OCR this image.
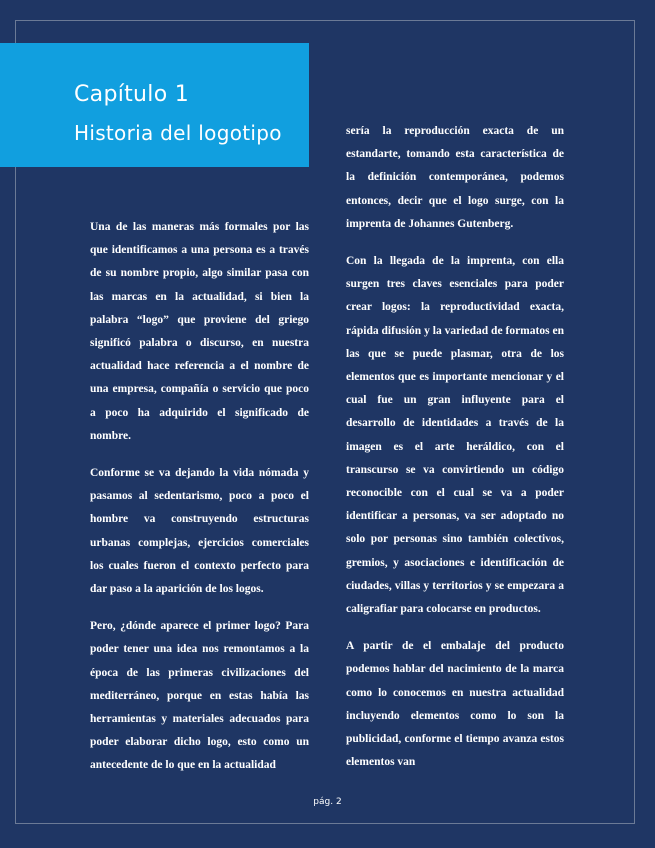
Capítulo 1
Historia del logotipo

Una de las maneras más formales por las que identificamos a una persona es a través de su nombre propio, algo similar pasa con las marcas en la actualidad, si bien la palabra “logo” que proviene del griego significó palabra o discurso, en nuestra actualidad hace referencia a el nombre de una empresa, compañía o servicio que poco a poco ha adquirido el significado de nombre.

Conforme se va dejando la vida nómada y pasamos al sedentarismo, poco a poco el hombre va construyendo estructuras urbanas complejas, ejercicios comerciales los cuales fueron el contexto perfecto para dar paso a la aparición de los logos.

Pero, ¿dónde aparece el primer logo? Para poder tener una idea nos remontamos a la época de las primeras civilizaciones del mediterráneo, porque en estas había las herramientas y materiales adecuados para poder elaborar dicho logo, esto como un antecedente de lo que en la actualidad

sería la reproducción exacta de un estandarte, tomando esta característica de la definición contemporánea, podemos entonces, decir que el logo surge, con la imprenta de Johannes Gutenberg.

Con la llegada de la imprenta, con ella surgen tres claves esenciales para poder crear logos: la reproductividad exacta, rápida difusión y la variedad de formatos en las que se puede plasmar, otra de los elementos que es importante mencionar y el cual fue un gran influyente para el desarrollo de identidades a través de la imagen es el arte heráldico, con el transcurso se va convirtiendo un código reconocible con el cual se va a poder identificar a personas, va ser adoptado no solo por personas sino también colectivos, gremios, y asociaciones e identificación de ciudades, villas y territorios y se empezara a caligrafiar para colocarse en productos.

A partir de el embalaje del producto podemos hablar del nacimiento de la marca como lo conocemos en nuestra actualidad incluyendo elementos como lo son la publicidad, conforme el tiempo avanza estos elementos van

pág. 2
